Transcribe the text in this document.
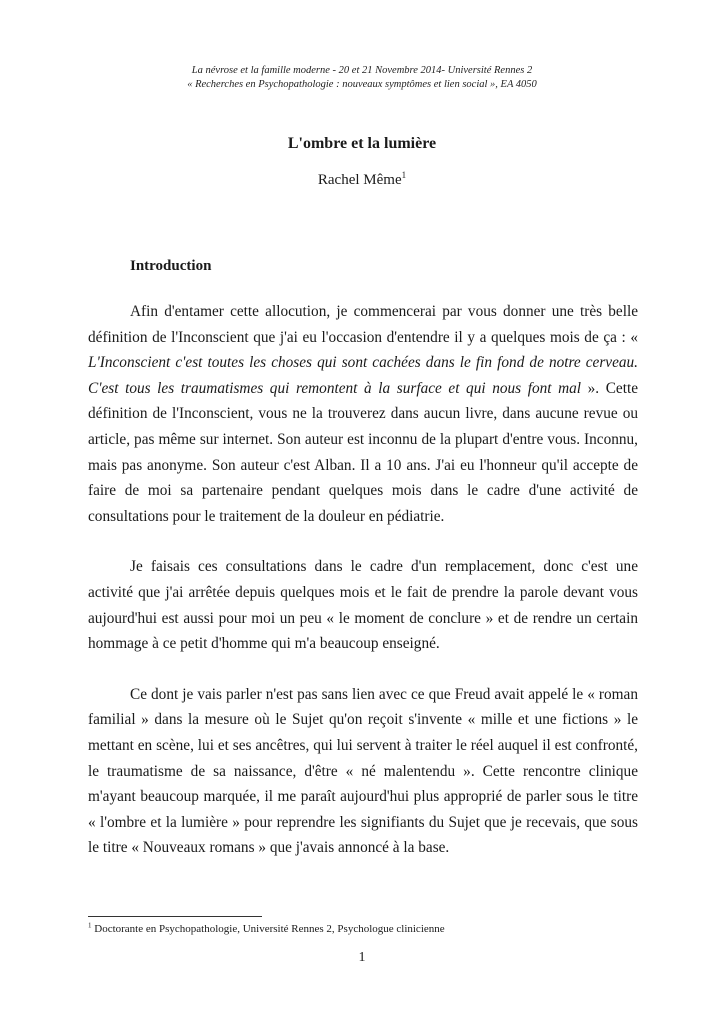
La névrose et la famille moderne - 20 et 21 Novembre 2014- Université Rennes 2
« Recherches en Psychopathologie : nouveaux symptômes et lien social », EA 4050
L'ombre et la lumière
Rachel Même$^1$
Introduction

Afin d'entamer cette allocution, je commencerai par vous donner une très belle définition de l'Inconscient que j'ai eu l'occasion d'entendre il y a quelques mois de ça : « L'Inconscient c'est toutes les choses qui sont cachées dans le fin fond de notre cerveau. C'est tous les traumatismes qui remontent à la surface et qui nous font mal ». Cette définition de l'Inconscient, vous ne la trouverez dans aucun livre, dans aucune revue ou article, pas même sur internet. Son auteur est inconnu de la plupart d'entre vous. Inconnu, mais pas anonyme. Son auteur c'est Alban. Il a 10 ans. J'ai eu l'honneur qu'il accepte de faire de moi sa partenaire pendant quelques mois dans le cadre d'une activité de consultations pour le traitement de la douleur en pédiatrie.

Je faisais ces consultations dans le cadre d'un remplacement, donc c'est une activité que j'ai arrêtée depuis quelques mois et le fait de prendre la parole devant vous aujourd'hui est aussi pour moi un peu « le moment de conclure » et de rendre un certain hommage à ce petit d'homme qui m'a beaucoup enseigné.

Ce dont je vais parler n'est pas sans lien avec ce que Freud avait appelé le « roman familial » dans la mesure où le Sujet qu'on reçoit s'invente « mille et une fictions » le mettant en scène, lui et ses ancêtres, qui lui servent à traiter le réel auquel il est confronté, le traumatisme de sa naissance, d'être « né malentendu ». Cette rencontre clinique m'ayant beaucoup marquée, il me paraît aujourd'hui plus approprié de parler sous le titre « l'ombre et la lumière » pour reprendre les signifiants du Sujet que je recevais, que sous le titre « Nouveaux romans » que j'avais annoncé à la base.

$^1$ Doctorante en Psychopathologie, Université Rennes 2, Psychologue clinicienne
1
